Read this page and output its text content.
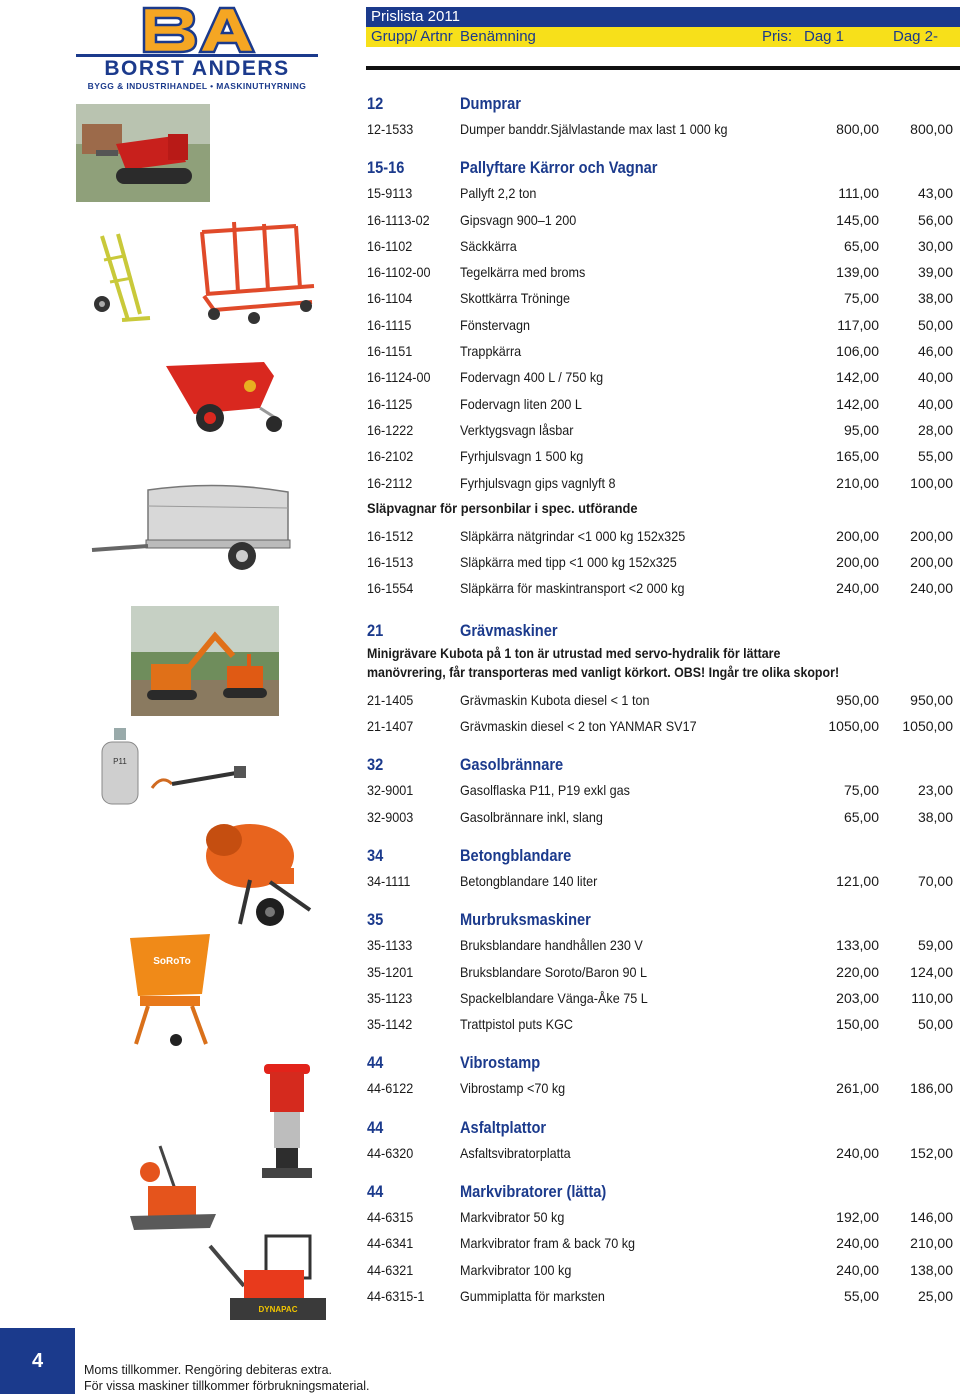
BORST ANDERS
BYGG & INDUSTRIHANDEL • MASKINUTHYRNING
Prislista 2011
Grupp/ Artnr Benämning	Pris: Dag 1	Dag 2-
12	Dumprar
12-1533	Dumper banddr.Självlastande max last 1 000 kg	800,00 800,00
15-16	Pallyftare Kärror och Vagnar
15-9113	Pallyft 2,2 ton	111,00	43,00
16-1113-02 Gipsvagn 900–1 200	145,00	56,00
16-1102	Säckkärra	65,00	30,00
16-1102-00 Tegelkärra med broms	139,00	39,00
16-1104	Skottkärra Tröninge	75,00	38,00
16-1115	Fönstervagn	117,00	50,00
16-1151	Trappkärra	106,00	46,00
16-1124-00 Fodervagn 400 L / 750 kg	142,00	40,00
16-1125	Fodervagn liten 200 L	142,00	40,00
16-1222	Verktygsvagn låsbar	95,00	28,00
16-2102	Fyrhjulsvagn 1 500 kg	165,00	55,00
16-2112	Fyrhjulsvagn gips vagnlyft 8	210,00 100,00
Släpvagnar för personbilar i spec. utförande
16-1512	Släpkärra nätgrindar <1 000 kg 152x325	200,00 200,00
16-1513	Släpkärra med tipp <1 000 kg 152x325	200,00 200,00
16-1554	Släpkärra för maskintransport <2 000 kg	240,00 240,00
21	Grävmaskiner
Minigrävare Kubota på 1 ton är utrustad med servo-hydralik för lättare
manövrering, får transporteras med vanligt körkort. OBS! Ingår tre olika skopor!
21-1405	Grävmaskin Kubota diesel < 1 ton	950,00 950,00
21-1407	Grävmaskin diesel < 2 ton YANMAR SV17	1050,00 1050,00
32	Gasolbrännare
32-9001	Gasolflaska P11, P19 exkl gas	75,00	23,00
32-9003	Gasolbrännare inkl, slang	65,00	38,00
34	Betongblandare
34-1111	Betongblandare 140 liter	121,00	70,00
35	Murbruksmaskiner
35-1133	Bruksblandare handhållen 230 V	133,00	59,00
35-1201	Bruksblandare Soroto/Baron 90 L	220,00 124,00
35-1123	Spackelblandare Vänga-Åke 75 L	203,00 110,00
35-1142	Trattpistol puts KGC	150,00	50,00
44	Vibrostamp
44-6122	Vibrostamp <70 kg	261,00 186,00
44	Asfaltplattor
44-6320	Asfaltsvibratorplatta	240,00 152,00
44	Markvibratorer (lätta)
44-6315	Markvibrator 50 kg	192,00 146,00
44-6341	Markvibrator fram & back 70 kg	240,00 210,00
44-6321	Markvibrator 100 kg	240,00 138,00
44-6315-1	Gummiplatta för marksten	55,00	25,00
P11
SoRoTo
DYNAPAC
4	Moms tillkommer. Rengöring debiteras extra.
För vissa maskiner tillkommer förbrukningsmaterial.
